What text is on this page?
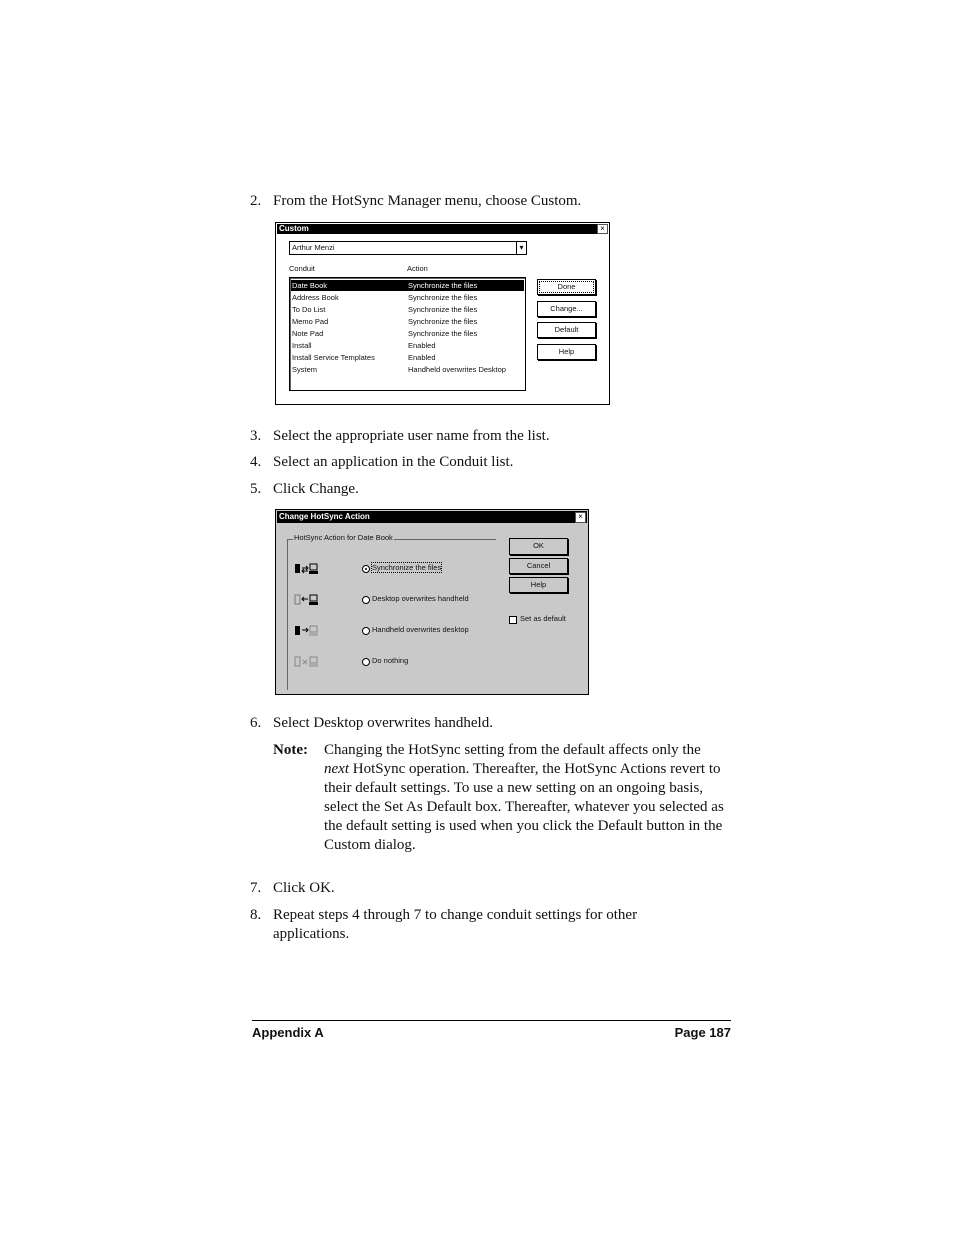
2. From the HotSync Manager menu, choose Custom.
Custom	×
Arthur Menzi	▾
Conduit	Action
Date Book	Synchronize the files
Address Book	Synchronize the files
To Do List	Synchronize the files
Memo Pad	Synchronize the files
Note Pad	Synchronize the files
Install	Enabled
Install Service Templates	Enabled
System	Handheld overwrites Desktop
Done
Change...
Default
Help
3. Select the appropriate user name from the list.
4. Select an application in the Conduit list.
5. Click Change.
Change HotSync Action	×
HotSync Action for Date Book
Synchronize the files
Desktop overwrites handheld
Handheld overwrites desktop
Do nothing
OK
Cancel
Help
Set as default
6. Select Desktop overwrites handheld.
Note: Changing the HotSync setting from the default affects only the next HotSync operation. Thereafter, the HotSync Actions revert to their default settings. To use a new setting on an ongoing basis, select the Set As Default box. Thereafter, whatever you selected as the default setting is used when you click the Default button in the Custom dialog.
7. Click OK.
8. Repeat steps 4 through 7 to change conduit settings for other applications.
Appendix A	Page 187
